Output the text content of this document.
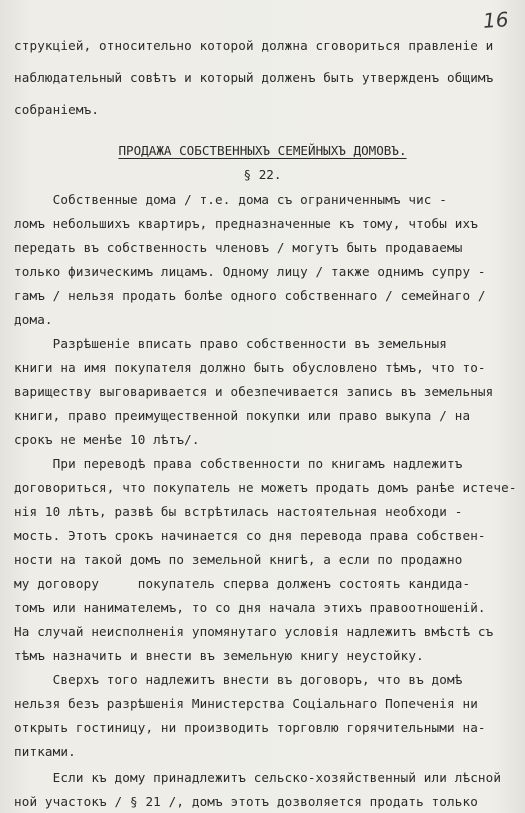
16
струкцiей, относительно которой должна сговориться правленiе и
наблюдательный совѣтъ и который долженъ быть утвержденъ общимъ
собранiемъ.
ПРОДАЖА СОБСТВЕННЫХЪ СЕМЕЙНЫХЪ ДОМОВЪ.
§ 22.
Собственные дома / т.е. дома съ ограниченнымъ чис -
ломъ небольшихъ квартиръ, предназначенные къ тому, чтобы ихъ
передать въ собственность членовъ / могутъ быть продаваемы
только физическимъ лицамъ. Одному лицу / также однимъ супру -
гамъ / нельзя продать болѣе одного собственнаго / семейнаго /
дома.
Разрѣшенiе вписать право собственности въ земельныя
книги на имя покупателя должно быть обусловлено тѣмъ, что то-
вариществу выговаривается и обезпечивается запись въ земельныя
книги, право преимущественной покупки или право выкупа / на
срокъ не менѣе 10 лѣтъ/.
При переводѣ права собственности по книгамъ надлежитъ
договориться, что покупатель не можетъ продать домъ ранѣе истече-
нiя 10 лѣтъ, развѣ бы встрѣтилась настоятельная необходи -
мость. Этотъ срокъ начинается со дня перевода права собствен-
ности на такой домъ по земельной книгѣ, а если по продажно
му договору     покупатель сперва долженъ состоять кандида-
томъ или нанимателемъ, то со дня начала этихъ правоотношенiй.
На случай неисполненiя упомянутаго условiя надлежитъ вмѣстѣ съ
тѣмъ назначить и внести въ земельную книгу неустойку.
Сверхъ того надлежитъ внести въ договоръ, что въ домѣ
нельзя безъ разрѣшенiя Министерства Соцiальнаго Попеченiя ни
открыть гостиницу, ни производить торговлю горячительными на-
питками.
Если къ дому принадлежитъ сельско-хозяйственный или лѣсной
ной участокъ / § 21 /, домъ этотъ дозволяется продать только
